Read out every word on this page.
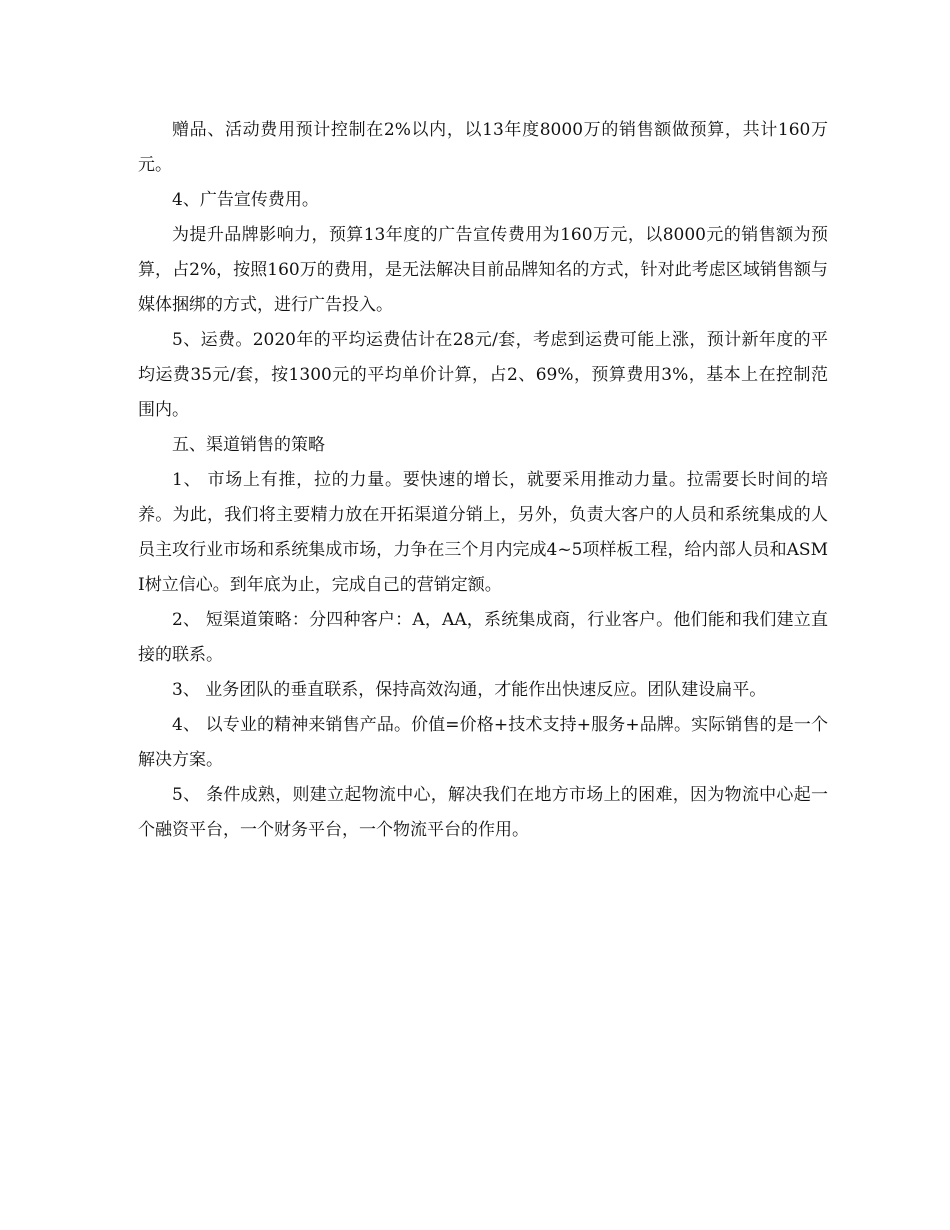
赠品、活动费用预计控制在2%以内，以13年度8000万的销售额做预算，共计160万元。

4、广告宣传费用。

为提升品牌影响力，预算13年度的广告宣传费用为160万元，以8000元的销售额为预算，占2%，按照160万的费用，是无法解决目前品牌知名的方式，针对此考虑区域销售额与媒体捆绑的方式，进行广告投入。

5、运费。2020年的平均运费估计在28元/套，考虑到运费可能上涨，预计新年度的平均运费35元/套，按1300元的平均单价计算，占2、69%，预算费用3%，基本上在控制范围内。

五、渠道销售的策略

1、 市场上有推，拉的力量。要快速的增长，就要采用推动力量。拉需要长时间的培养。为此，我们将主要精力放在开拓渠道分销上，另外，负责大客户的人员和系统集成的人员主攻行业市场和系统集成市场，力争在三个月内完成4~5项样板工程，给内部人员和ASMI树立信心。到年底为止，完成自己的营销定额。

2、 短渠道策略：分四种客户：A，AA，系统集成商，行业客户。他们能和我们建立直接的联系。

3、 业务团队的垂直联系，保持高效沟通，才能作出快速反应。团队建设扁平。

4、 以专业的精神来销售产品。价值=价格+技术支持+服务+品牌。实际销售的是一个解决方案。

5、 条件成熟，则建立起物流中心，解决我们在地方市场上的困难，因为物流中心起一个融资平台，一个财务平台，一个物流平台的作用。
